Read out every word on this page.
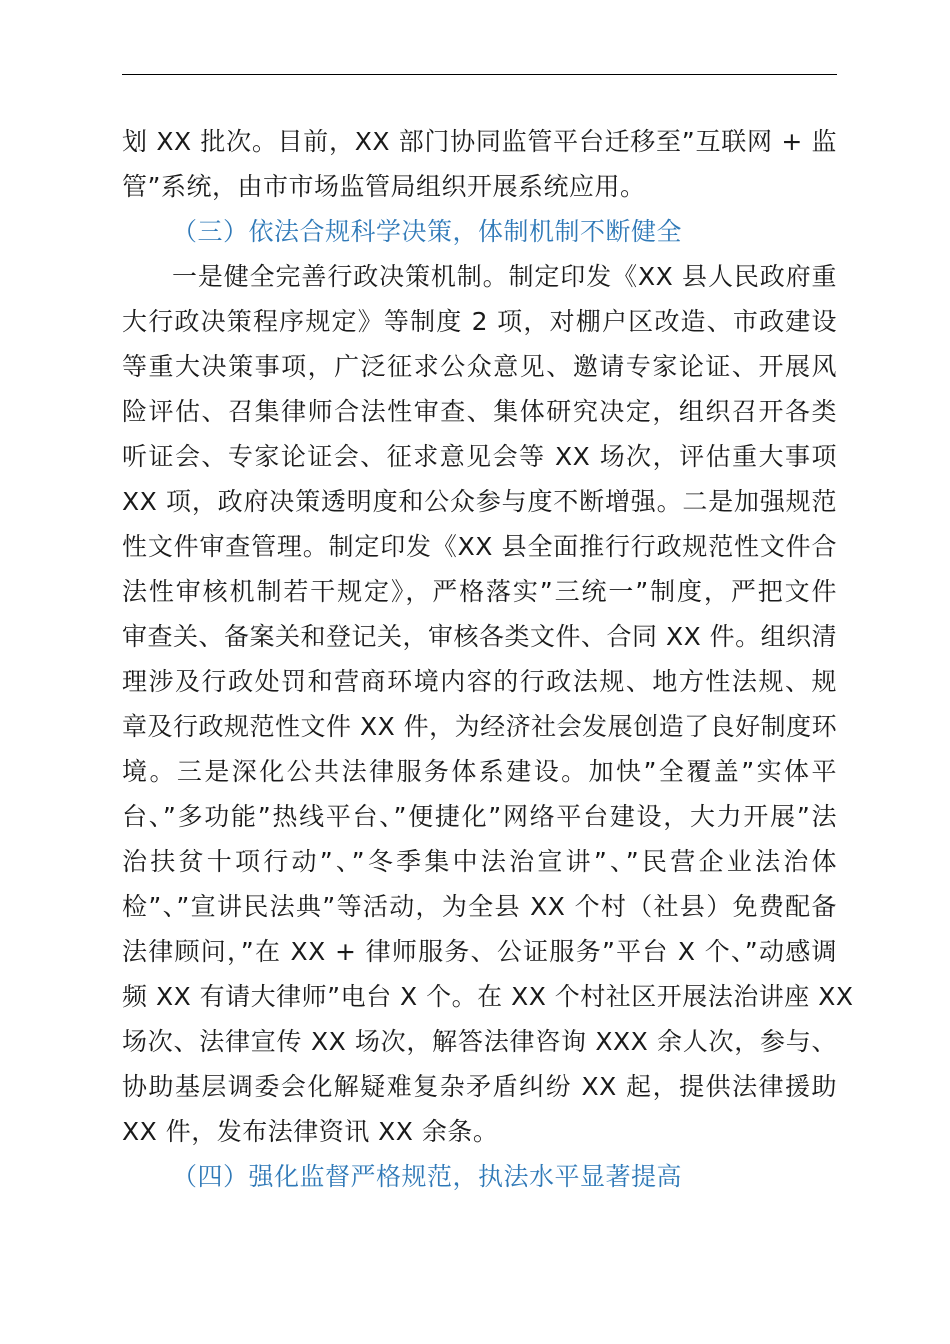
划 XX 批次。目前，XX 部门协同监管平台迁移至”互联网 + 监
管”系统，由市市场监管局组织开展系统应用。
（三）依法合规科学决策，体制机制不断健全
一是健全完善行政决策机制。制定印发《XX 县人民政府重
大行政决策程序规定》等制度 2 项，对棚户区改造、市政建设
等重大决策事项，广泛征求公众意见、邀请专家论证、开展风
险评估、召集律师合法性审查、集体研究决定，组织召开各类
听证会、专家论证会、征求意见会等 XX 场次，评估重大事项
XX 项，政府决策透明度和公众参与度不断增强。二是加强规范
性文件审查管理。制定印发《XX 县全面推行行政规范性文件合
法性审核机制若干规定》，严格落实”三统一”制度，严把文件
审查关、备案关和登记关，审核各类文件、合同 XX 件。组织清
理涉及行政处罚和营商环境内容的行政法规、地方性法规、规
章及行政规范性文件 XX 件，为经济社会发展创造了良好制度环
境。三是深化公共法律服务体系建设。加快”全覆盖”实体平
台、”多功能”热线平台、”便捷化”网络平台建设，大力开展”法
治扶贫十项行动”、”冬季集中法治宣讲”、”民营企业法治体
检”、”宣讲民法典”等活动，为全县 XX 个村（社县）免费配备
法律顾问，”在 XX + 律师服务、公证服务”平台 X 个、”动感调
频 XX 有请大律师”电台 X 个。在 XX 个村社区开展法治讲座 XX
场次、法律宣传 XX 场次，解答法律咨询 XXX 余人次，参与、
协助基层调委会化解疑难复杂矛盾纠纷 XX 起，提供法律援助
XX 件，发布法律资讯 XX 余条。
（四）强化监督严格规范，执法水平显著提高
